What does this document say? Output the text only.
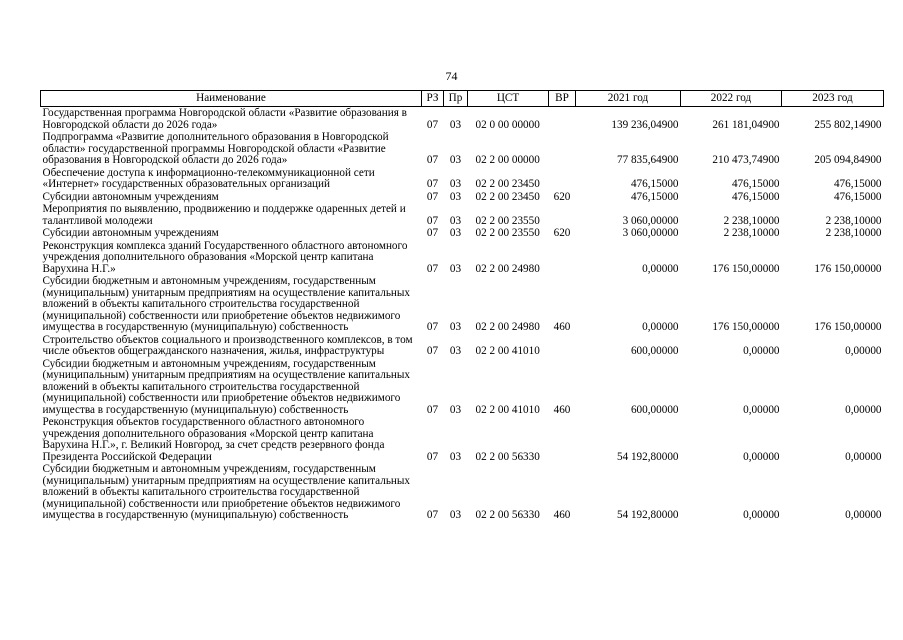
74
Наименование	РЗ	Пр	ЦСТ	ВР	2021 год	2022 год	2023 год
Государственная программа Новгородской области «Развитие образования в Новгородской области до 2026 года»	07	03	02 0 00 00000		139 236,04900	261 181,04900	255 802,14900
Подпрограмма «Развитие дополнительного образования в Новгородской области» государственной программы Новгородской области «Развитие образования в Новгородской области до 2026 года»	07	03	02 2 00 00000		77 835,64900	210 473,74900	205 094,84900
Обеспечение доступа к информационно-телекоммуникационной сети «Интернет» государственных образовательных организаций	07	03	02 2 00 23450		476,15000	476,15000	476,15000
Субсидии автономным учреждениям	07	03	02 2 00 23450	620	476,15000	476,15000	476,15000
Мероприятия по выявлению, продвижению и поддержке одаренных детей и талантливой молодежи	07	03	02 2 00 23550		3 060,00000	2 238,10000	2 238,10000
Субсидии автономным учреждениям	07	03	02 2 00 23550	620	3 060,00000	2 238,10000	2 238,10000
Реконструкция комплекса зданий Государственного областного автономного учреждения дополнительного образования «Морской центр капитана Варухина Н.Г.»	07	03	02 2 00 24980		0,00000	176 150,00000	176 150,00000
Субсидии бюджетным и автономным учреждениям, государственным (муниципальным) унитарным предприятиям на осуществление капитальных вложений в объекты капитального строительства государственной (муниципальной) собственности или приобретение объектов недвижимого имущества в государственную (муниципальную) собственность	07	03	02 2 00 24980	460	0,00000	176 150,00000	176 150,00000
Строительство объектов социального и производственного комплексов, в том числе объектов общегражданского назначения, жилья, инфраструктуры	07	03	02 2 00 41010		600,00000	0,00000	0,00000
Субсидии бюджетным и автономным учреждениям, государственным (муниципальным) унитарным предприятиям на осуществление капитальных вложений в объекты капитального строительства государственной (муниципальной) собственности или приобретение объектов недвижимого имущества в государственную (муниципальную) собственность	07	03	02 2 00 41010	460	600,00000	0,00000	0,00000
Реконструкция объектов государственного областного автономного учреждения дополнительного образования «Морской центр капитана Варухина Н.Г.», г. Великий Новгород, за счет средств резервного фонда Президента Российской Федерации	07	03	02 2 00 56330		54 192,80000	0,00000	0,00000
Субсидии бюджетным и автономным учреждениям, государственным (муниципальным) унитарным предприятиям на осуществление капитальных вложений в объекты капитального строительства государственной (муниципальной) собственности или приобретение объектов недвижимого имущества в государственную (муниципальную) собственность	07	03	02 2 00 56330	460	54 192,80000	0,00000	0,00000
